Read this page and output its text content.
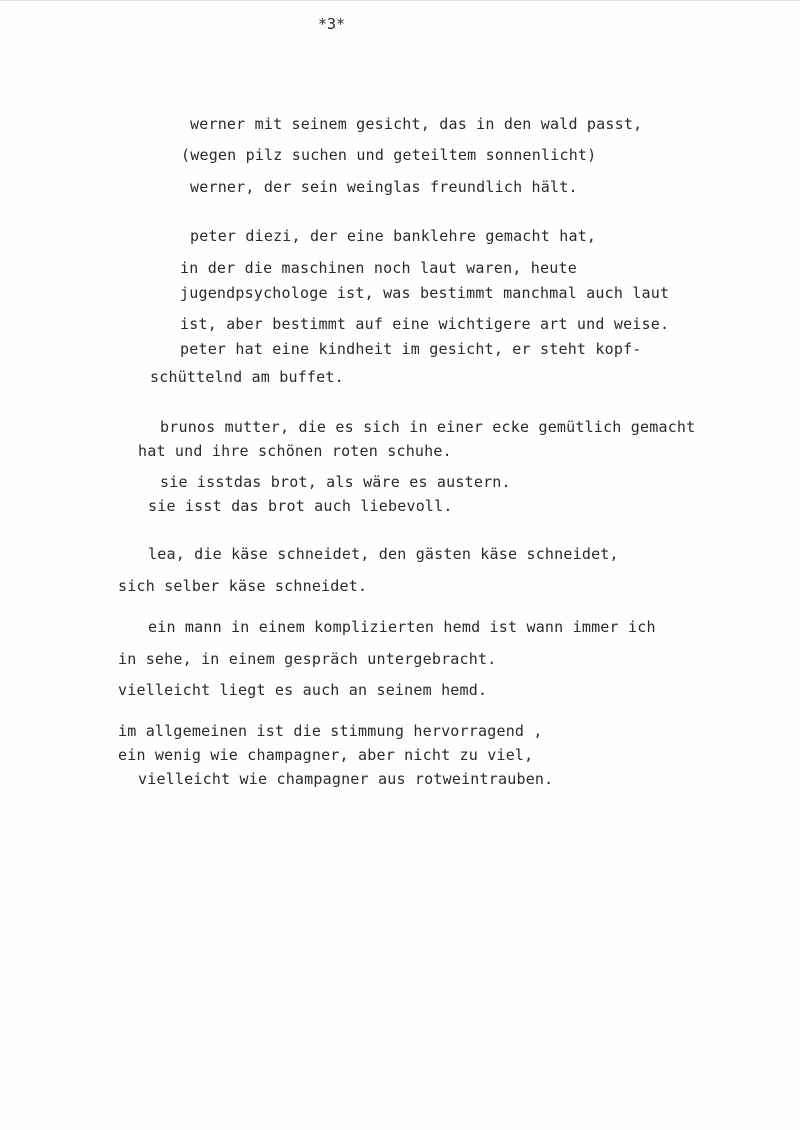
*3*
werner mit seinem gesicht, das in den wald passt,
(wegen pilz suchen und geteiltem sonnenlicht)
werner, der sein weinglas freundlich hält.
peter diezi, der eine banklehre gemacht hat,
in der die maschinen noch laut waren, heute
jugendpsychologe ist, was bestimmt manchmal auch laut
ist, aber bestimmt auf eine wichtigere art und weise.
peter hat eine kindheit im gesicht, er steht kopf-
schüttelnd am buffet.
brunos mutter, die es sich in einer ecke gemütlich gemacht
hat und ihre schönen roten schuhe.
sie isstdas brot, als wäre es austern.
sie isst das brot auch liebevoll.
lea, die käse schneidet, den gästen käse schneidet,
sich selber käse schneidet.
ein mann in einem komplizierten hemd ist wann immer ich
in sehe, in einem gespräch untergebracht.
vielleicht liegt es auch an seinem hemd.
im allgemeinen ist die stimmung hervorragend ,
ein wenig wie champagner, aber nicht zu viel,
vielleicht wie champagner aus rotweintrauben.
